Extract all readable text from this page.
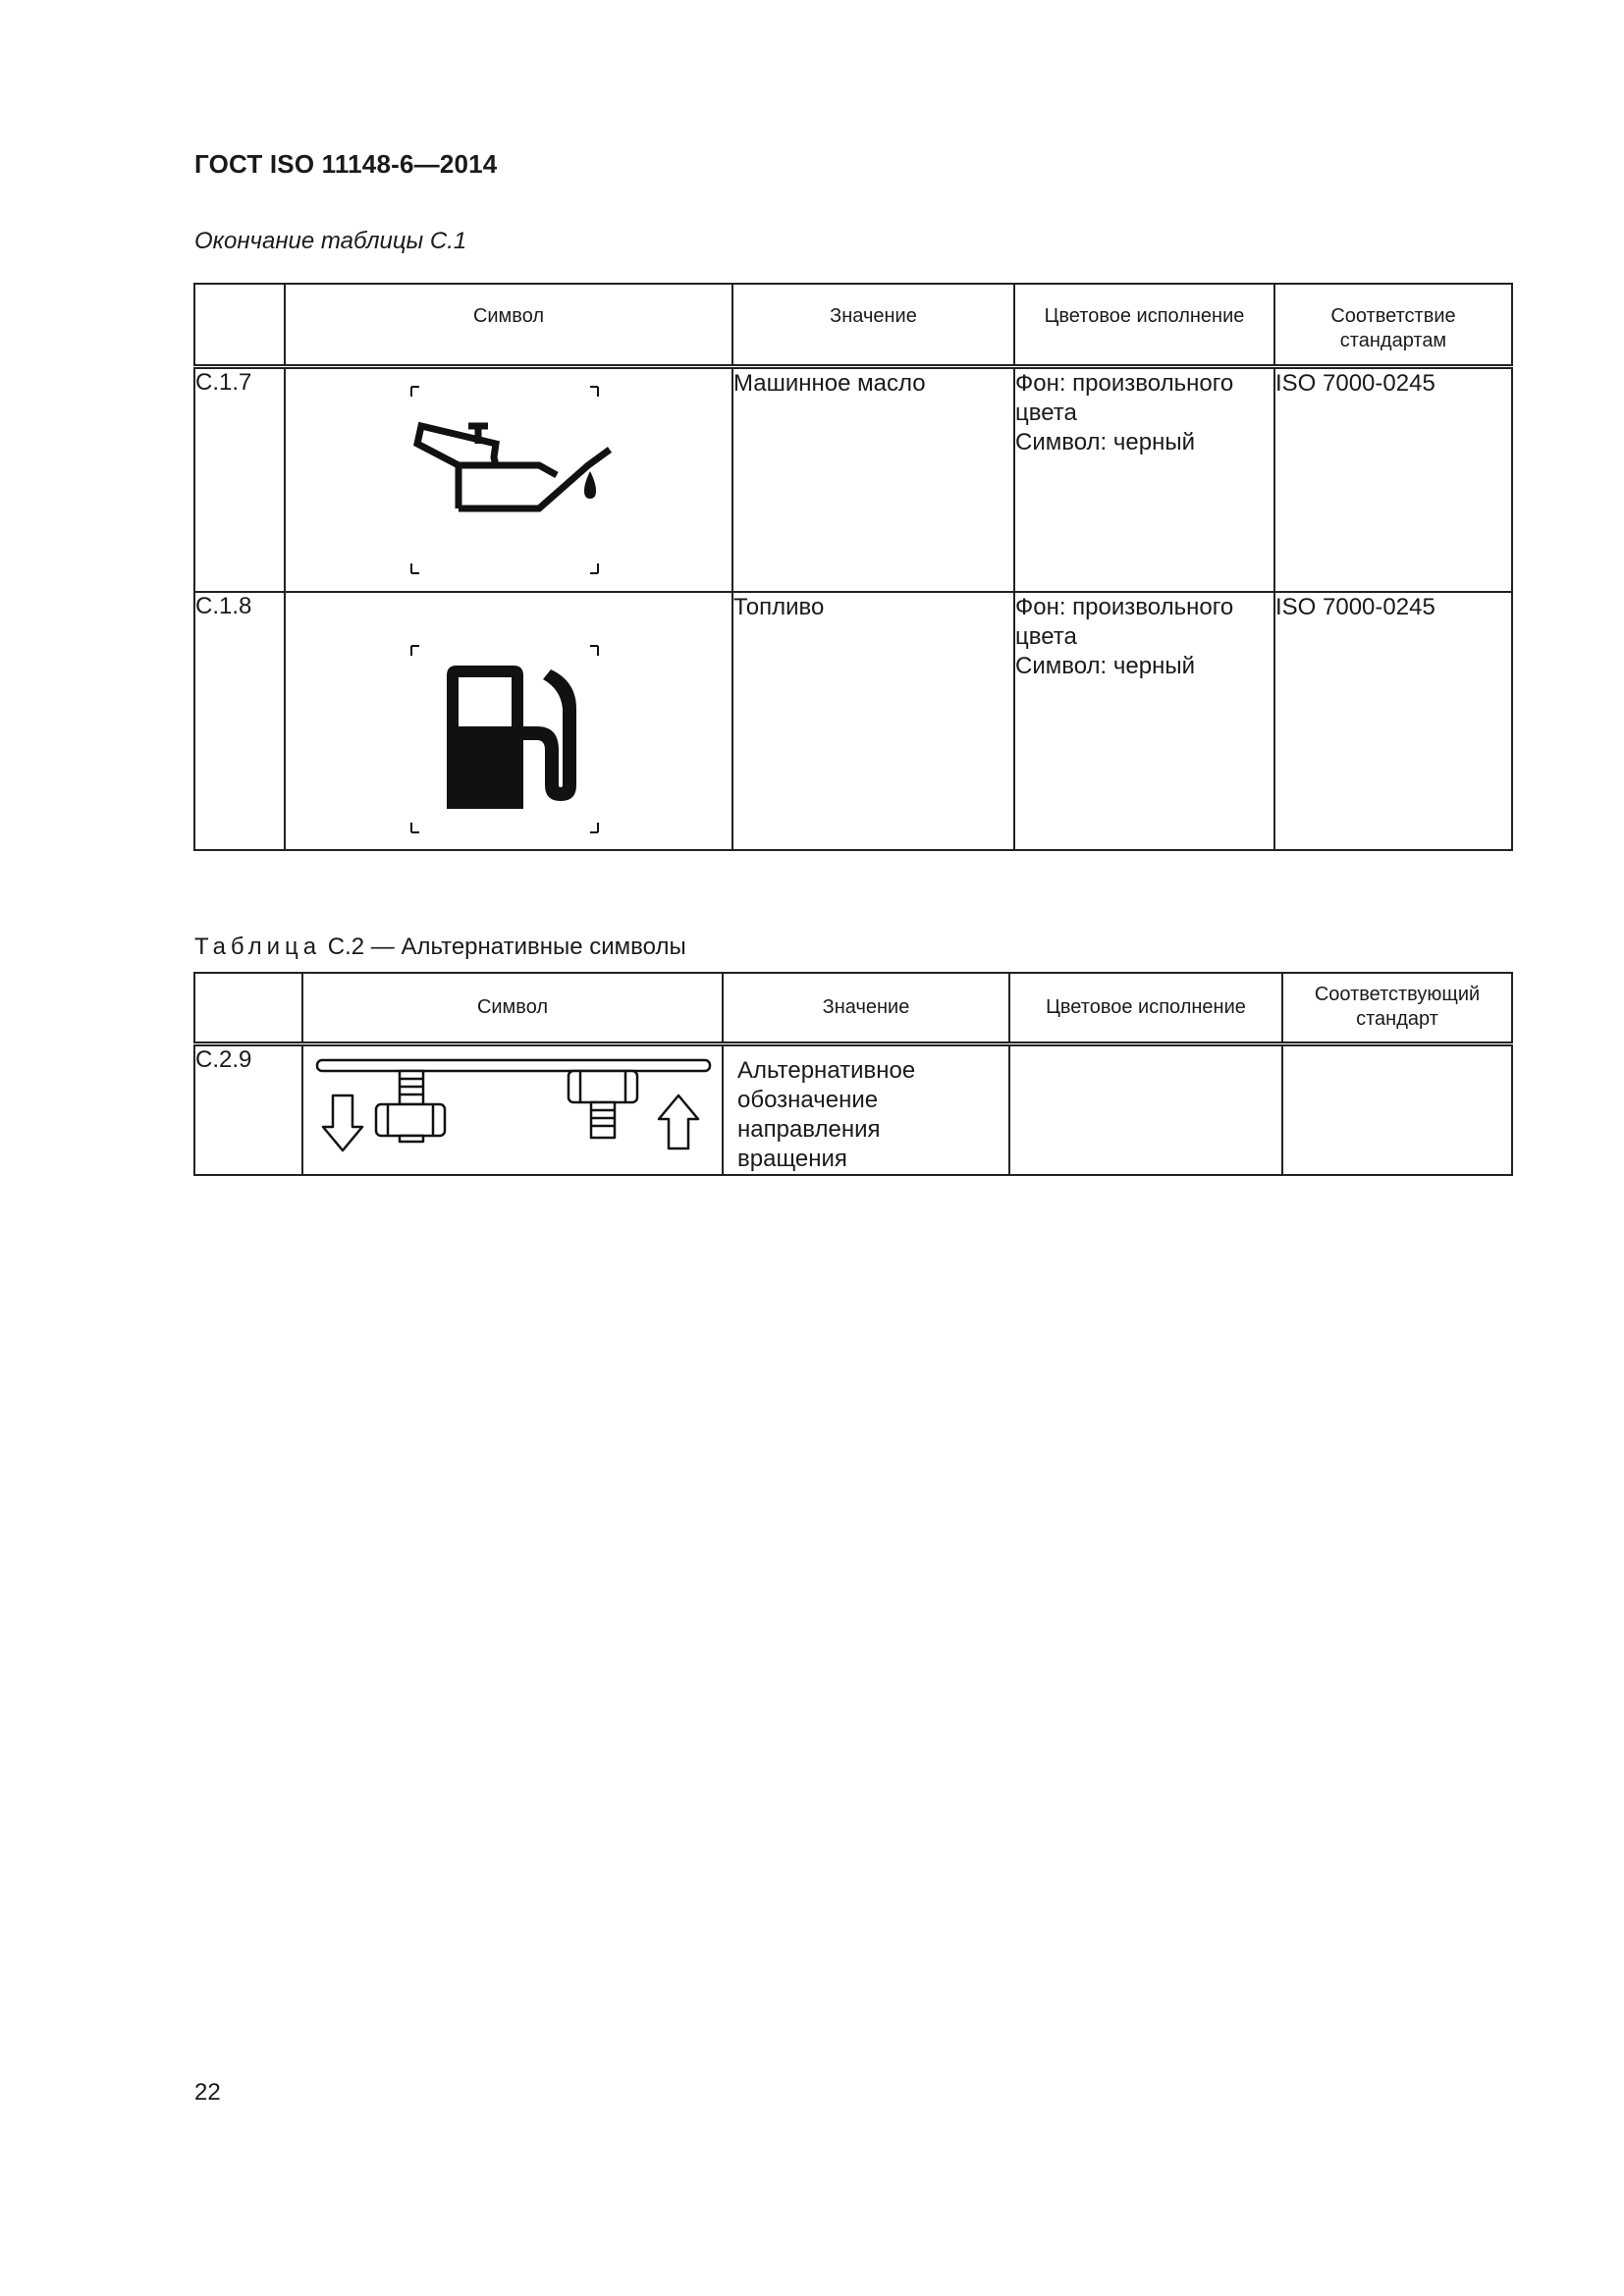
ГОСТ ISO 11148-6—2014
Окончание таблицы С.1
	Символ	Значение	Цветовое исполнение	Соответствие стандартам
С.1.7		Машинное масло	Фон: произвольного
цвета
Символ: черный	ISO 7000-0245
С.1.8		Топливо	Фон: произвольного
цвета
Символ: черный	ISO 7000-0245
Таблица С.2 — Альтернативные символы
	Символ	Значение	Цветовое исполнение	Соответствующий стандарт
С.2.9		Альтернативное обозначение направления вращения		
22
